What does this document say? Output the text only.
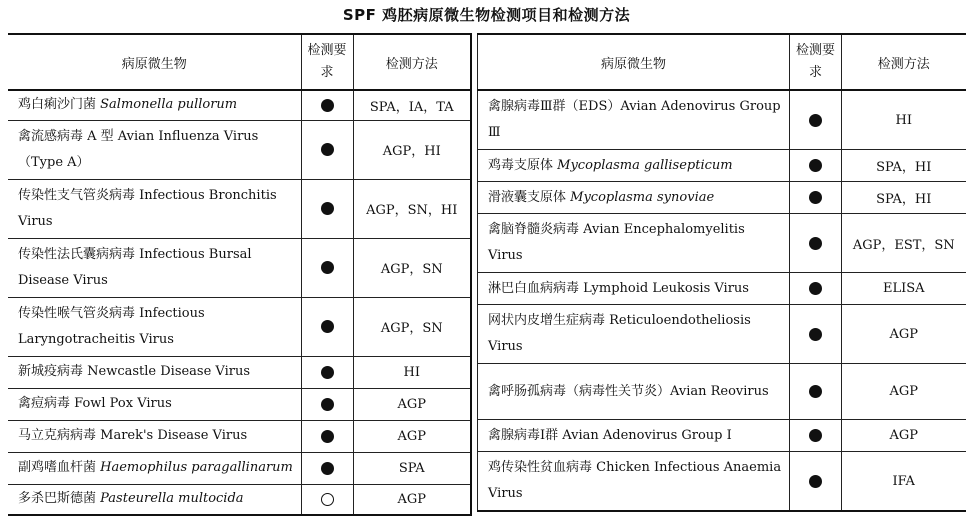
SPF 鸡胚病原微生物检测项目和检测方法
病原微生物	检测要求	检测方法
鸡白痢沙门菌 Salmonella pullorum		SPA，IA，TA
禽流感病毒 A 型 Avian Influenza Virus（Type A）		AGP，HI
传染性支气管炎病毒 Infectious Bronchitis Virus		AGP，SN，HI
传染性法氏囊病病毒 Infectious Bursal Disease Virus		AGP，SN
传染性喉气管炎病毒 Infectious Laryngotracheitis Virus		AGP，SN
新城疫病毒 Newcastle Disease Virus		HI
禽痘病毒 Fowl Pox Virus		AGP
马立克病病毒 Marek's Disease Virus		AGP
副鸡嗜血杆菌 Haemophilus paragallinarum		SPA
多杀巴斯德菌 Pasteurella multocida		AGP
病原微生物	检测要求	检测方法
禽腺病毒Ⅲ群（EDS）Avian Adenovirus Group Ⅲ		HI
鸡毒支原体 Mycoplasma gallisepticum		SPA，HI
滑液囊支原体 Mycoplasma synoviae		SPA，HI
禽脑脊髓炎病毒 Avian Encephalomyelitis Virus		AGP，EST，SN
淋巴白血病病毒 Lymphoid Leukosis Virus		ELISA
网状内皮增生症病毒 Reticuloendotheliosis Virus		AGP
禽呼肠孤病毒（病毒性关节炎）Avian Reovirus		AGP
禽腺病毒Ⅰ群 Avian Adenovirus Group Ⅰ		AGP
鸡传染性贫血病毒 Chicken Infectious Anaemia Virus		IFA
